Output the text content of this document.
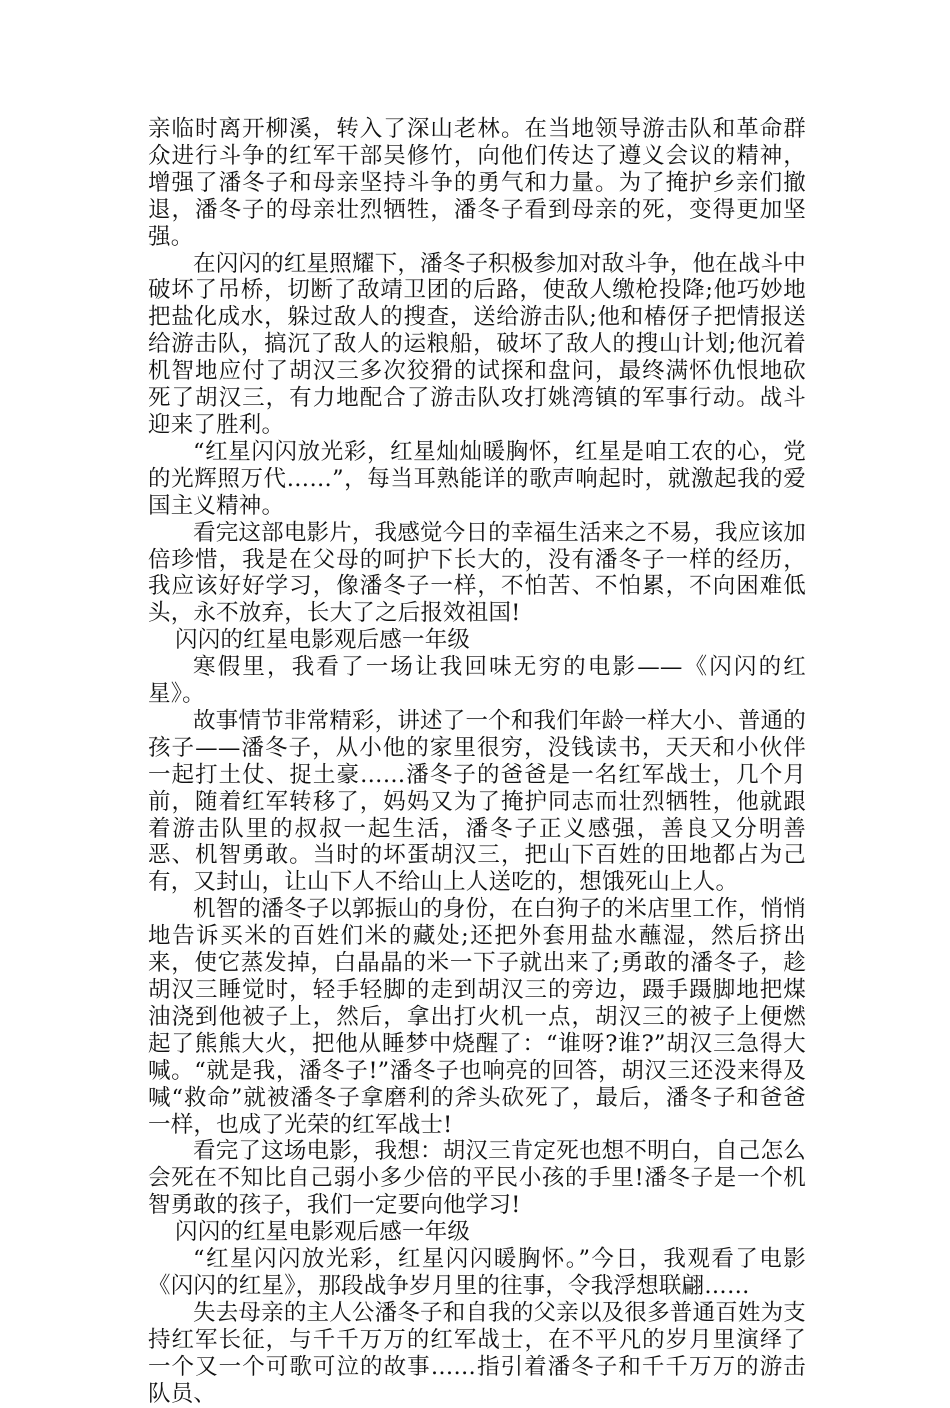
亲临时离开柳溪，转入了深山老林。在当地领导游击队和革命群众进行斗争的红军干部吴修竹，向他们传达了遵义会议的精神，增强了潘冬子和母亲坚持斗争的勇气和力量。为了掩护乡亲们撤退，潘冬子的母亲壮烈牺牲，潘冬子看到母亲的死，变得更加坚强。

在闪闪的红星照耀下，潘冬子积极参加对敌斗争，他在战斗中破坏了吊桥，切断了敌靖卫团的后路，使敌人缴枪投降;他巧妙地把盐化成水，躲过敌人的搜查，送给游击队;他和椿伢子把情报送给游击队，搞沉了敌人的运粮船，破坏了敌人的搜山计划;他沉着机智地应付了胡汉三多次狡猾的试探和盘问，最终满怀仇恨地砍死了胡汉三，有力地配合了游击队攻打姚湾镇的军事行动。战斗迎来了胜利。

“红星闪闪放光彩，红星灿灿暖胸怀，红星是咱工农的心，党的光辉照万代……”，每当耳熟能详的歌声响起时，就激起我的爱国主义精神。

看完这部电影片，我感觉今日的幸福生活来之不易，我应该加倍珍惜，我是在父母的呵护下长大的，没有潘冬子一样的经历，我应该好好学习，像潘冬子一样，不怕苦、不怕累，不向困难低头，永不放弃，长大了之后报效祖国!

闪闪的红星电影观后感一年级

寒假里，我看了一场让我回味无穷的电影——《闪闪的红星》。

故事情节非常精彩，讲述了一个和我们年龄一样大小、普通的孩子——潘冬子，从小他的家里很穷，没钱读书，天天和小伙伴一起打土仗、捉土豪……潘冬子的爸爸是一名红军战士，几个月前，随着红军转移了，妈妈又为了掩护同志而壮烈牺牲，他就跟着游击队里的叔叔一起生活，潘冬子正义感强，善良又分明善恶、机智勇敢。当时的坏蛋胡汉三，把山下百姓的田地都占为己有，又封山，让山下人不给山上人送吃的，想饿死山上人。

机智的潘冬子以郭振山的身份，在白狗子的米店里工作，悄悄地告诉买米的百姓们米的藏处;还把外套用盐水蘸湿，然后挤出来，使它蒸发掉，白晶晶的米一下子就出来了;勇敢的潘冬子，趁胡汉三睡觉时，轻手轻脚的走到胡汉三的旁边，蹑手蹑脚地把煤油浇到他被子上，然后，拿出打火机一点，胡汉三的被子上便燃起了熊熊大火，把他从睡梦中烧醒了：“谁呀?谁?”胡汉三急得大喊。“就是我，潘冬子!”潘冬子也响亮的回答，胡汉三还没来得及喊“救命”就被潘冬子拿磨利的斧头砍死了，最后，潘冬子和爸爸一样，也成了光荣的红军战士!

看完了这场电影，我想：胡汉三肯定死也想不明白，自己怎么会死在不知比自己弱小多少倍的平民小孩的手里!潘冬子是一个机智勇敢的孩子，我们一定要向他学习!

闪闪的红星电影观后感一年级

“红星闪闪放光彩，红星闪闪暖胸怀。”今日，我观看了电影《闪闪的红星》，那段战争岁月里的往事，令我浮想联翩……

失去母亲的主人公潘冬子和自我的父亲以及很多普通百姓为支持红军长征，与千千万万的红军战士，在不平凡的岁月里演绎了一个又一个可歌可泣的故事……指引着潘冬子和千千万万的游击队员、
